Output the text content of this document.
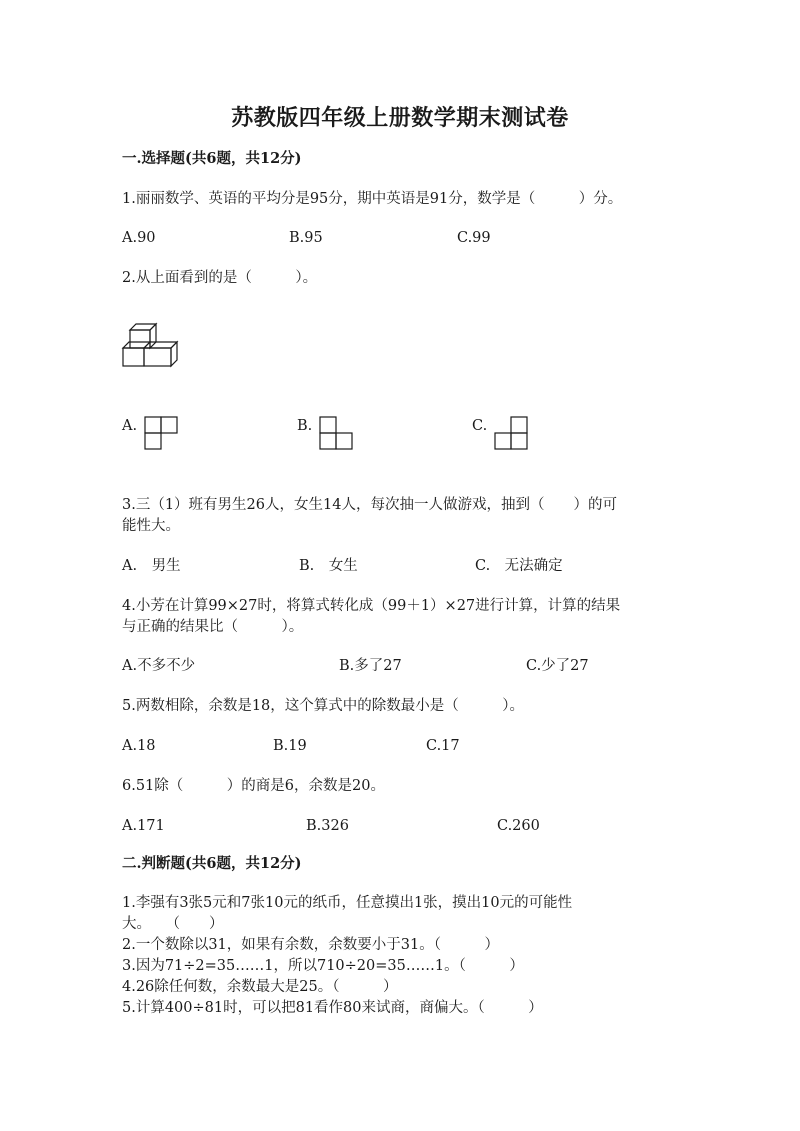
苏教版四年级上册数学期末测试卷
一.选择题(共6题，共12分)
1.丽丽数学、英语的平均分是95分，期中英语是91分，数学是（　　　）分。
A.90	B.95	C.99
2.从上面看到的是（　　　）。
A.	B.	C.
3.三（1）班有男生26人，女生14人，每次抽一人做游戏，抽到（　　）的可
能性大。
A.　男生	B.　女生	C.　无法确定
4.小芳在计算99×27时，将算式转化成（99＋1）×27进行计算，计算的结果
与正确的结果比（　　　）。
A.不多不少	B.多了27	C.少了27
5.两数相除，余数是18，这个算式中的除数最小是（　　　）。
A.18	B.19	C.17
6.51除（　　　）的商是6，余数是20。
A.171	B.326	C.260
二.判断题(共6题，共12分)
1.李强有3张5元和7张10元的纸币，任意摸出1张，摸出10元的可能性
大。　　（　　）
2.一个数除以31，如果有余数，余数要小于31。（　　　）
3.因为71÷2=35……1，所以710÷20=35……1。（　　　）
4.26除任何数，余数最大是25。（　　　）
5.计算400÷81时，可以把81看作80来试商，商偏大。（　　　）
